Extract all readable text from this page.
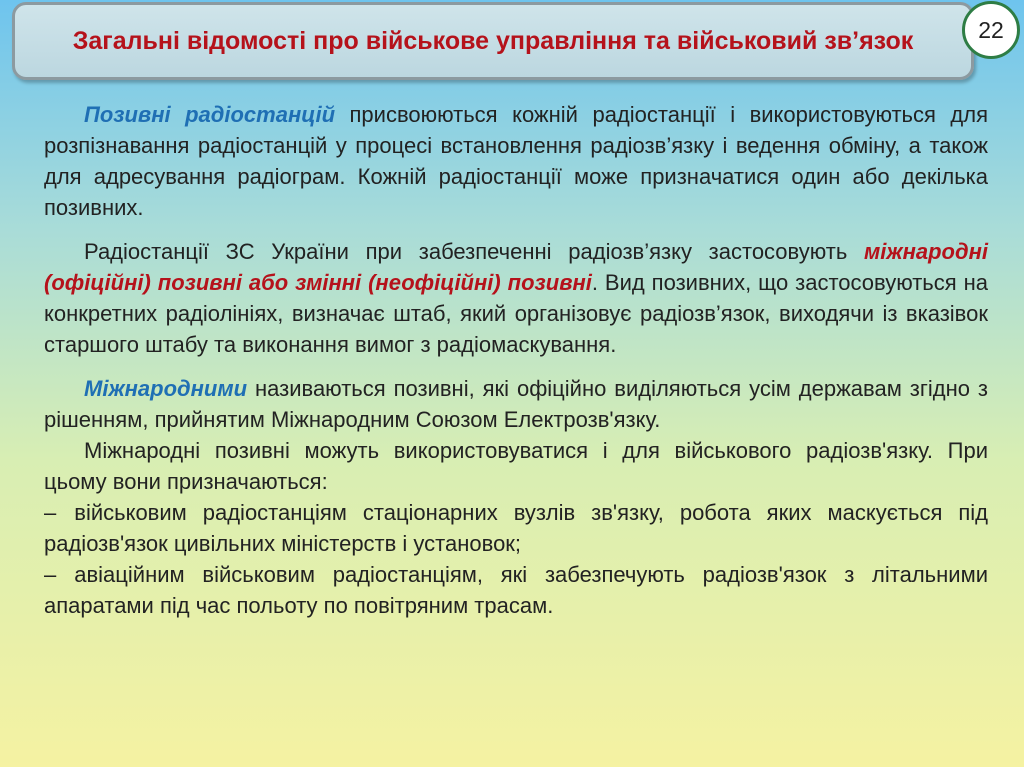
Загальні відомості про військове управління та військовий зв’язок	22

Позивні радіостанцій присвоюються кожній радіостанції і використовуються для розпізнавання радіостанцій у процесі встановлення радіозв’язку і ведення обміну, а також для адресування радіограм. Кожній радіостанції може призначатися один або декілька позивних.

Радіостанції ЗС України при забезпеченні радіозв’язку застосовують міжнародні (офіційні) позивні або змінні (неофіційні) позивні. Вид позивних, що застосовуються на конкретних радіолініях, визначає штаб, який організовує радіозв’язок, виходячи із вказівок старшого штабу та виконання вимог з радіомаскування.

Міжнародними називаються позивні, які офіційно виділяються усім державам згідно з рішенням, прийнятим Міжнародним Союзом Електрозв'язку.

Міжнародні позивні можуть використовуватися і для військового радіозв'язку. При цьому вони призначаються:

– військовим радіостанціям стаціонарних вузлів зв'язку, робота яких маскується під радіозв'язок цивільних міністерств і установок;

– авіаційним військовим радіостанціям, які забезпечують радіозв'язок з літальними апаратами під час польоту по повітряним трасам.
